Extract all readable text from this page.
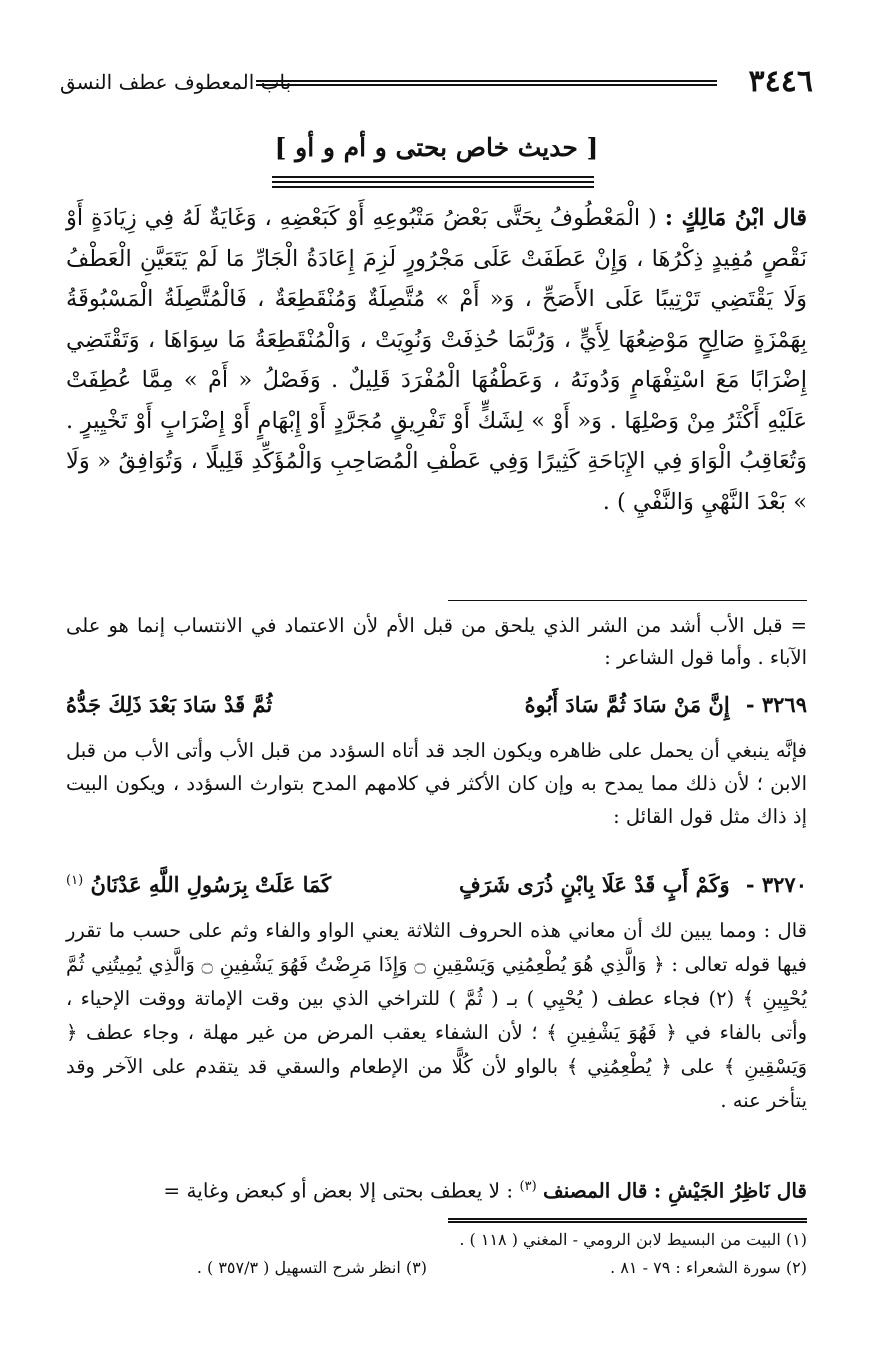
٣٤٤٦
باب المعطوف عطف النسق
[ حديث خاص بحتى و أم و أو ]
قال ابْنُ مَالِكٍ : ( الْمَعْطُوفُ بِحَتَّى بَعْضُ مَتْبُوعِهِ أَوْ كَبَعْضِهِ ، وَغَايَةٌ لَهُ فِي زِيَادَةٍ أَوْ نَقْصٍ مُفِيدٍ ذِكْرُهَا ، وَإِنْ عَطَفَتْ عَلَى مَجْرُورٍ لَزِمَ إِعَادَةُ الْجَارِّ مَا لَمْ يَتَعَيَّنِ الْعَطْفُ وَلَا يَقْتَضِي تَرْتِيبًا عَلَى الأَصَحِّ ، وَ« أَمْ » مُتَّصِلَةٌ وَمُنْقَطِعَةٌ ، فَالْمُتَّصِلَةُ الْمَسْبُوقَةُ بِهَمْزَةٍ صَالِحٍ مَوْضِعُهَا لِأَيٍّ ، وَرُبَّمَا حُذِفَتْ وَنُوِيَتْ ، وَالْمُنْقَطِعَةُ مَا سِوَاهَا ، وَتَقْتَضِي إِضْرَابًا مَعَ اسْتِفْهَامٍ وَدُونَهُ ، وَعَطْفُهَا الْمُفْرَدَ قَلِيلٌ . وَفَصْلُ « أَمْ » مِمَّا عُطِفَتْ عَلَيْهِ أَكْثَرُ مِنْ وَصْلِهَا . وَ« أَوْ » لِشَكٍّ أَوْ تَفْرِيقٍ مُجَرَّدٍ أَوْ إِبْهَامٍ أَوْ إِضْرَابٍ أَوْ تَخْيِيرٍ . وَتُعَاقِبُ الْوَاوَ فِي الإِبَاحَةِ كَثِيرًا وَفِي عَطْفِ الْمُصَاحِبِ وَالْمُؤَكِّدِ قَلِيلًا ، وَتُوَافِقُ « وَلَا » بَعْدَ النَّهْيِ وَالنَّفْيِ ) .
= قبل الأب أشد من الشر الذي يلحق من قبل الأم لأن الاعتماد في الانتساب إنما هو على الآباء . وأما قول الشاعر :
٣٢٦٩ - إِنَّ مَنْ سَادَ ثُمَّ سَادَ أَبُوهُ
ثُمَّ قَدْ سَادَ بَعْدَ ذَلِكَ جَدُّهُ
فإنَّه ينبغي أن يحمل على ظاهره ويكون الجد قد أتاه السؤدد من قبل الأب وأتى الأب من قبل الابن ؛ لأن ذلك مما يمدح به وإن كان الأكثر في كلامهم المدح بتوارث السؤدد ، ويكون البيت إذ ذاك مثل قول القائل :
٣٢٧٠ - وَكَمْ أَبٍ قَدْ عَلَا بِابْنٍ ذُرَى شَرَفٍ
كَمَا عَلَتْ بِرَسُولِ اللَّهِ عَدْنَانُ $^{(١)}$
قال : ومما يبين لك أن معاني هذه الحروف الثلاثة يعني الواو والفاء وثم على حسب ما تقرر فيها قوله تعالى : ﴿ وَالَّذِي هُوَ يُطْعِمُنِي وَيَسْقِينِ ۝ وَإِذَا مَرِضْتُ فَهُوَ يَشْفِينِ ۝ وَالَّذِي يُمِيتُنِي ثُمَّ يُحْيِينِ ﴾ (٢) فجاء عطف ( يُحْيِي ) بـ ( ثُمَّ ) للتراخي الذي بين وقت الإماتة ووقت الإحياء ، وأتى بالفاء في ﴿ فَهُوَ يَشْفِينِ ﴾ ؛ لأن الشفاء يعقب المرض من غير مهلة ، وجاء عطف ﴿ وَيَسْقِينِ ﴾ على ﴿ يُطْعِمُنِي ﴾ بالواو لأن كُلًّا من الإطعام والسقي قد يتقدم على الآخر وقد يتأخر عنه .
قال نَاظِرُ الجَيْشِ : قال المصنف $^{(٣)}$ : لا يعطف بحتى إلا بعض أو كبعض وغاية =
(١) البيت من البسيط لابن الرومي - المغني ( ١١٨ ) .
(٢) سورة الشعراء : ٧٩ - ٨١ .
(٣) انظر شرح التسهيل ( ٣٥٧/٣ ) .
